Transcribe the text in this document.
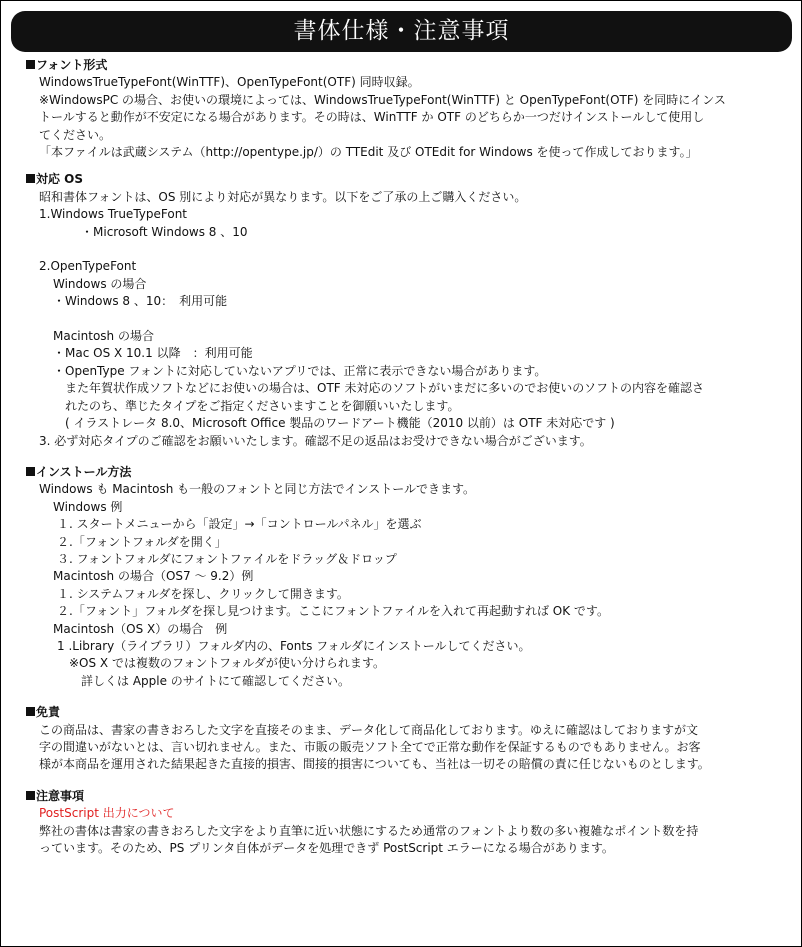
書体仕様・注意事項
フォント形式
WindowsTrueTypeFont(WinTTF)、OpenTypeFont(OTF) 同時収録。
※WindowsPC の場合、お使いの環境によっては、WindowsTrueTypeFont(WinTTF) と OpenTypeFont(OTF) を同時にインス
トールすると動作が不安定になる場合があります。その時は、WinTTF か OTF のどちらか一つだけインストールして使用し
てください。
「本ファイルは武蔵システム（http://opentype.jp/）の TTEdit 及び OTEdit for Windows を使って作成しております。」
対応 OS
昭和書体フォントは、OS 別により対応が異なります。以下をご了承の上ご購入ください。
1.Windows TrueTypeFont
・Microsoft Windows 8 、10
2.OpenTypeFont
Windows の場合
・Windows 8 、10：　利用可能
Macintosh の場合
・Mac OS X 10.1 以降　：利用可能
・OpenType フォントに対応していないアプリでは、正常に表示できない場合があります。
また年賀状作成ソフトなどにお使いの場合は、OTF 未対応のソフトがいまだに多いのでお使いのソフトの内容を確認さ
れたのち、準じたタイプをご指定くださいますことを御願いいたします。
( イラストレータ 8.0、Microsoft Office 製品のワードアート機能（2010 以前）は OTF 未対応です )
3. 必ず対応タイプのご確認をお願いいたします。確認不足の返品はお受けできない場合がございます。
インストール方法
Windows も Macintosh も一般のフォントと同じ方法でインストールできます。
Windows 例
１. スタートメニューから「設定」→「コントロールパネル」を選ぶ
２.「フォントフォルダを開く」
３. フォントフォルダにフォントファイルをドラッグ＆ドロップ
Macintosh の場合（OS7 〜 9.2）例
１. システムフォルダを探し、クリックして開きます。
２.「フォント」フォルダを探し見つけます。ここにフォントファイルを入れて再起動すれば OK です。
Macintosh（OS X）の場合　例
1 .Library（ライブラリ）フォルダ内の、Fonts フォルダにインストールしてください。
※OS X では複数のフォントフォルダが使い分けられます。
詳しくは Apple のサイトにて確認してください。
免責
この商品は、書家の書きおろした文字を直接そのまま、データ化して商品化しております。ゆえに確認はしておりますが文
字の間違いがないとは、言い切れません。また、市販の販売ソフト全てで正常な動作を保証するものでもありません。お客
様が本商品を運用された結果起きた直接的損害、間接的損害についても、当社は一切その賠償の責に任じないものとします。
注意事項
PostScript 出力について
弊社の書体は書家の書きおろした文字をより直筆に近い状態にするため通常のフォントより数の多い複雑なポイント数を持
っています。そのため、PS プリンタ自体がデータを処理できず PostScript エラーになる場合があります。
